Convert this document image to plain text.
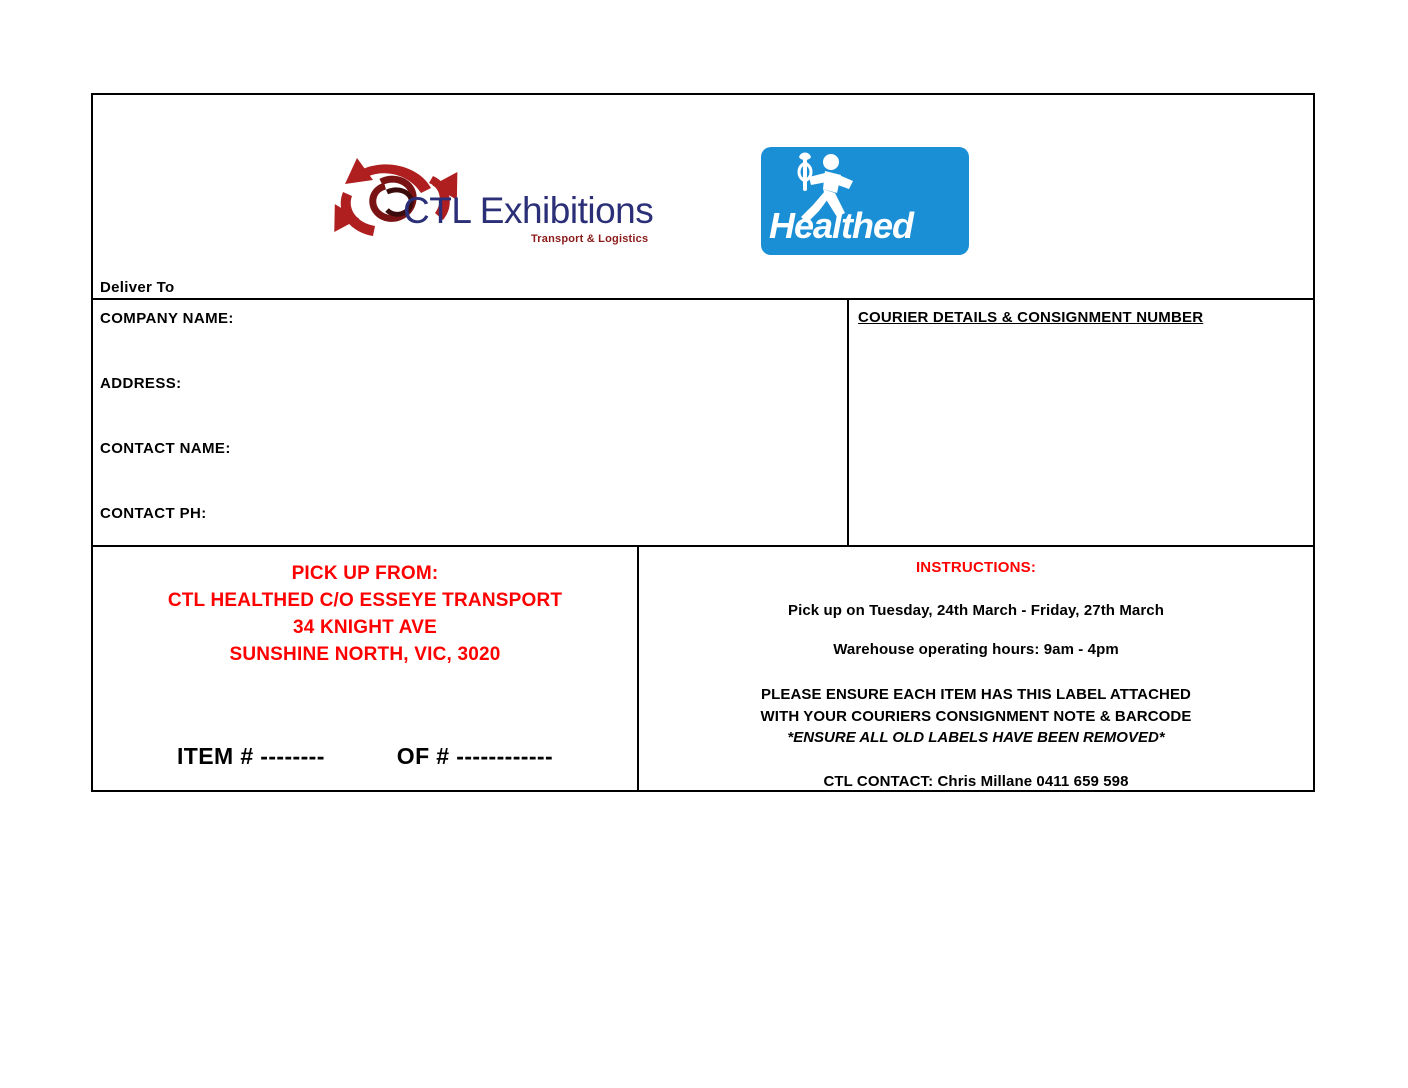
CTL Exhibitions
Transport & Logistics	Healthed
Deliver To
COMPANY NAME:
ADDRESS:
CONTACT NAME:
CONTACT PH:
COURIER DETAILS & CONSIGNMENT NUMBER
PICK UP FROM:
CTL HEALTHED C/O ESSEYE TRANSPORT
34 KNIGHT AVE
SUNSHINE NORTH, VIC, 3020
ITEM # --------	OF # ------------
INSTRUCTIONS:
Pick up on Tuesday, 24th March - Friday, 27th March
Warehouse operating hours: 9am - 4pm
PLEASE ENSURE EACH ITEM HAS THIS LABEL ATTACHED
WITH YOUR COURIERS CONSIGNMENT NOTE & BARCODE
*ENSURE ALL OLD LABELS HAVE BEEN REMOVED*
CTL CONTACT: Chris Millane 0411 659 598
